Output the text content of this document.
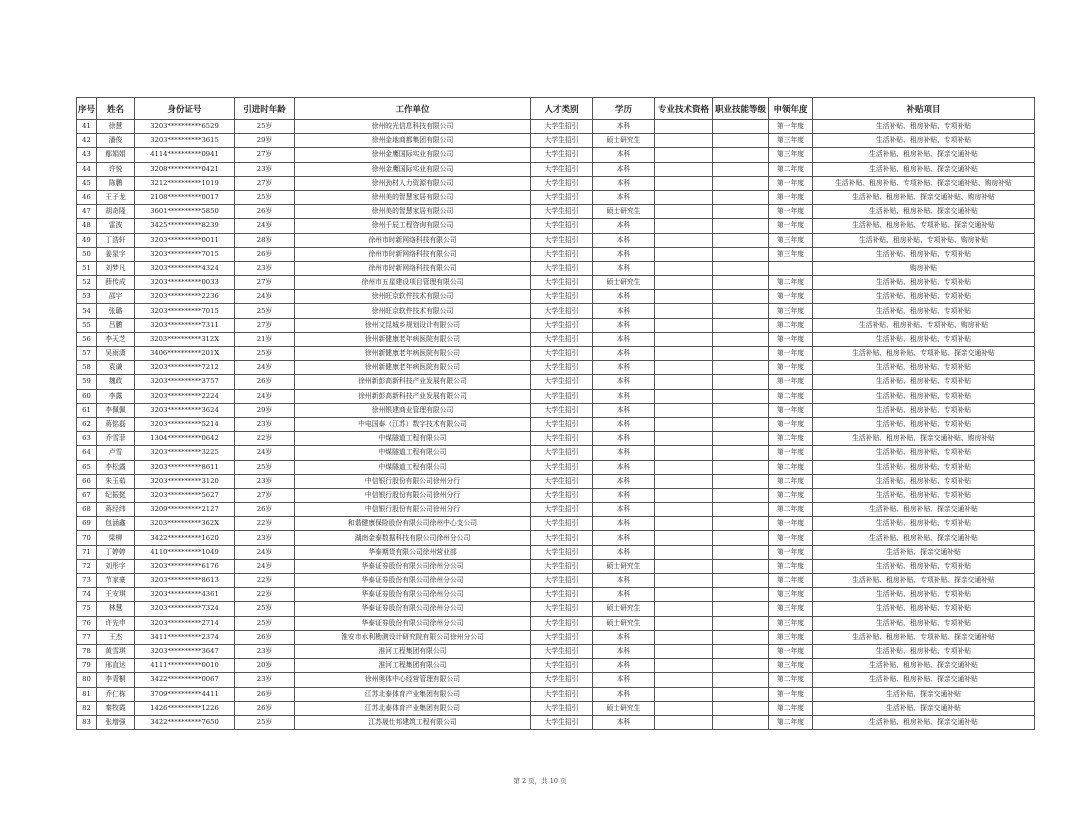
序号	姓名	身份证号	引进时年龄	工作单位	人才类别	学历	专业技术资格	职业技能等级	申领年度	补贴项目
41	徐慧	3203**********6529	25岁	徐州皎光信息科技有限公司	大学生招引	本科			第一年度	生活补贴、租房补贴、专项补贴
42	潘俊	3203**********3615	29岁	徐州金地商都集团有限公司	大学生招引	硕士研究生			第三年度	生活补贴、租房补贴、专项补贴
43	鄢娟娟	4114**********0941	27岁	徐州金鹰国际实业有限公司	大学生招引	本科			第三年度	生活补贴、租房补贴、探亲交通补贴
44	许悦	3208**********0421	23岁	徐州金鹰国际实业有限公司	大学生招引	本科			第二年度	生活补贴、租房补贴、探亲交通补贴
45	陈鹏	3212**********1019	27岁	徐州劲材人力资源有限公司	大学生招引	本科			第一年度	生活补贴、租房补贴、专项补贴、探亲交通补贴、购房补贴
46	王子龙	2108**********0017	25岁	徐州美的智慧家居有限公司	大学生招引	本科			第一年度	生活补贴、租房补贴、探亲交通补贴、购房补贴
47	胡奇隆	3601**********5850	26岁	徐州美的智慧家居有限公司	大学生招引	硕士研究生			第一年度	生活补贴、租房补贴、探亲交通补贴
48	雷波	3425**********8239	24岁	徐州千辰工程咨询有限公司	大学生招引	本科			第一年度	生活补贴、租房补贴、专项补贴、探亲交通补贴
49	丁浩轩	3203**********0011	28岁	徐州市时新网络科技有限公司	大学生招引	本科			第三年度	生活补贴、租房补贴、专项补贴、购房补贴
50	姜星宇	3203**********7015	26岁	徐州市时新网络科技有限公司	大学生招引	本科			第三年度	生活补贴、租房补贴、专项补贴
51	刘梦凡	3203**********4324	23岁	徐州市时新网络科技有限公司	大学生招引	本科				购房补贴
52	薛传成	3203**********0033	27岁	徐州市五星建设项目管理有限公司	大学生招引	硕士研究生			第二年度	生活补贴、租房补贴、专项补贴
53	邵宇	3203**********2236	24岁	徐州旺京软件技术有限公司	大学生招引	本科			第一年度	生活补贴、租房补贴、专项补贴
54	张璐	3203**********7015	25岁	徐州旺京软件技术有限公司	大学生招引	本科			第三年度	生活补贴、租房补贴、专项补贴
55	吕鹏	3203**********7311	27岁	徐州文昆城乡规划设计有限公司	大学生招引	本科			第二年度	生活补贴、租房补贴、专项补贴、购房补贴
56	李天芝	3203**********312X	21岁	徐州新健康老年病医院有限公司	大学生招引	本科			第一年度	生活补贴、租房补贴、专项补贴
57	吴雨潇	3406**********201X	25岁	徐州新健康老年病医院有限公司	大学生招引	本科			第一年度	生活补贴、租房补贴、专项补贴、探亲交通补贴
58	袁谦	3203**********7212	24岁	徐州新健康老年病医院有限公司	大学生招引	本科			第一年度	生活补贴、租房补贴、专项补贴
59	魏政	3203**********3757	26岁	徐州新彭高新科技产业发展有限公司	大学生招引	本科			第一年度	生活补贴、租房补贴、专项补贴
60	李露	3203**********2224	24岁	徐州新彭高新科技产业发展有限公司	大学生招引	本科			第二年度	生活补贴、租房补贴、专项补贴
61	李佩佩	3203**********3624	29岁	徐州银建商业管理有限公司	大学生招引	本科			第一年度	生活补贴、租房补贴、专项补贴
62	蒋铭磊	3203**********5214	23岁	中电国泰（江苏）数字技术有限公司	大学生招引	本科			第一年度	生活补贴、租房补贴、专项补贴
63	乔雪菲	1304**********0642	22岁	中煤隧道工程有限公司	大学生招引	本科			第二年度	生活补贴、租房补贴、探亲交通补贴、购房补贴
64	卢雪	3203**********3225	24岁	中煤隧道工程有限公司	大学生招引	本科			第一年度	生活补贴、租房补贴、专项补贴
65	李松露	3203**********8611	25岁	中煤隧道工程有限公司	大学生招引	本科			第二年度	生活补贴、租房补贴、专项补贴
66	朱玉茹	3203**********3120	23岁	中信银行股份有限公司徐州分行	大学生招引	本科			第二年度	生活补贴、租房补贴、专项补贴
67	纪振挺	3203**********5627	27岁	中信银行股份有限公司徐州分行	大学生招引	本科			第二年度	生活补贴、租房补贴、专项补贴
68	蒋经纬	3209**********2127	26岁	中信银行股份有限公司徐州分行	大学生招引	本科			第二年度	生活补贴、租房补贴、探亲交通补贴
69	包涵鑫	3203**********362X	22岁	和谐健康保险股份有限公司徐州中心支公司	大学生招引	本科			第一年度	生活补贴、租房补贴、专项补贴
70	梁柳	3422**********1620	23岁	湖南金泰数据科技有限公司徐州分公司	大学生招引	本科			第一年度	生活补贴、租房补贴、探亲交通补贴
71	丁婷婷	4110**********1049	24岁	华泰期货有限公司徐州营业部	大学生招引	本科			第一年度	生活补贴、探亲交通补贴
72	刘彤宇	3203**********6176	24岁	华泰证券股份有限公司徐州分公司	大学生招引	硕士研究生			第二年度	生活补贴、租房补贴、专项补贴
73	节家豪	3203**********8613	22岁	华泰证券股份有限公司徐州分公司	大学生招引	本科			第二年度	生活补贴、租房补贴、专项补贴、探亲交通补贴
74	王安琪	3203**********4361	22岁	华泰证券股份有限公司徐州分公司	大学生招引	本科			第三年度	生活补贴、租房补贴、专项补贴
75	林慧	3203**********7324	25岁	华泰证券股份有限公司徐州分公司	大学生招引	硕士研究生			第三年度	生活补贴、租房补贴、专项补贴
76	许先申	3203**********2714	25岁	华泰证券股份有限公司徐州分公司	大学生招引	硕士研究生			第三年度	生活补贴、租房补贴、专项补贴
77	王杰	3411**********2374	26岁	淮安市水利勘测设计研究院有限公司徐州分公司	大学生招引	本科			第三年度	生活补贴、租房补贴、专项补贴、探亲交通补贴
78	黄雪琪	3203**********3647	23岁	淮河工程集团有限公司	大学生招引	本科			第一年度	生活补贴、租房补贴、专项补贴
79	邢直达	4111**********0010	20岁	淮河工程集团有限公司	大学生招引	本科			第三年度	生活补贴、租房补贴、探亲交通补贴
80	李青桐	3422**********0067	23岁	徐州奥体中心经营管理有限公司	大学生招引	本科			第二年度	生活补贴、租房补贴、探亲交通补贴
81	乔仁栋	3709**********4411	26岁	江苏北泰体育产业集团有限公司	大学生招引	本科			第一年度	生活补贴、探亲交通补贴
82	秦牧霞	1426**********1226	26岁	江苏北泰体育产业集团有限公司	大学生招引	硕士研究生			第二年度	生活补贴、探亲交通补贴
83	张增强	3422**********7650	25岁	江苏晟仕邦建筑工程有限公司	大学生招引	本科			第二年度	生活补贴、租房补贴、探亲交通补贴
第 2 页，共 10 页
